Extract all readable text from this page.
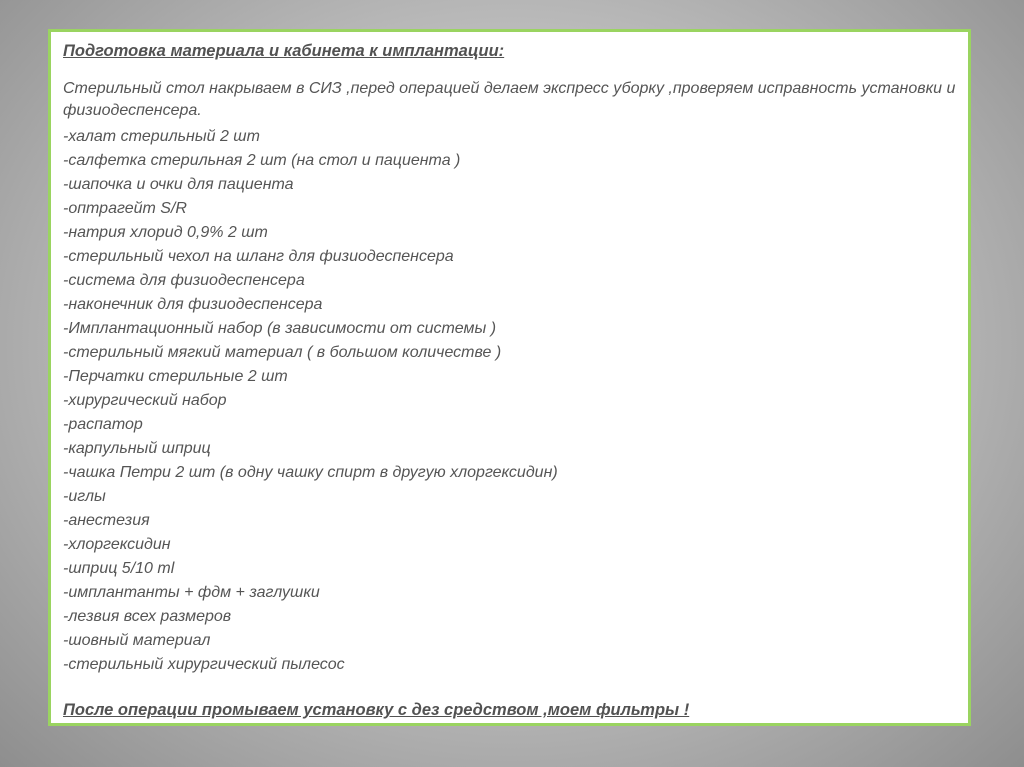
Подготовка материала и кабинета к имплантации:

Стерильный стол накрываем в СИЗ ,перед операцией делаем экспресс уборку ,проверяем исправность установки и физиодеспенсера.

-халат стерильный 2 шт
-салфетка стерильная 2 шт (на стол и пациента )
-шапочка и очки для пациента
-оптрагейт S/R
-натрия хлорид 0,9% 2 шт
-стерильный чехол на шланг для физиодеспенсера
-система для физиодеспенсера
-наконечник для физиодеспенсера
-Имплантационный набор (в зависимости от системы )
-стерильный мягкий материал ( в большом количестве )
-Перчатки стерильные 2 шт
-хирургический набор
-распатор
-карпульный шприц
-чашка Петри 2 шт (в одну чашку спирт в другую хлоргексидин)
-иглы
-анестезия
-хлоргексидин
-шприц 5/10 ml
-имплантанты + фдм + заглушки
-лезвия всех размеров
-шовный материал
-стерильный хирургический пылесос

После операции промываем установку с дез средством ,моем фильтры !
